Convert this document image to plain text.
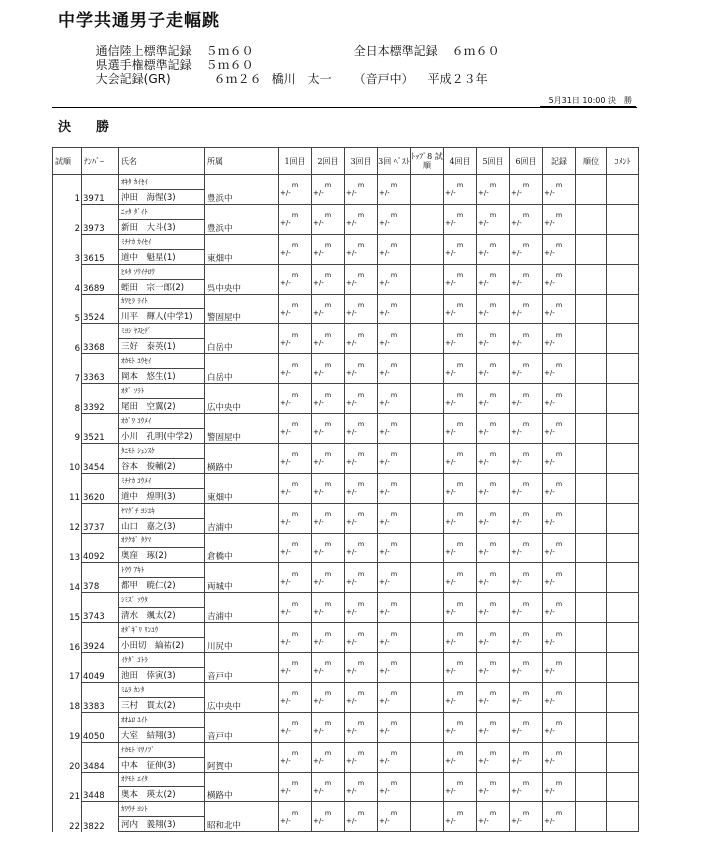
中学共通男子走幅跳

通信陸上標準記録 ５ｍ６０	全日本標準記録 ６ｍ６０

県選手権標準記録 ５ｍ６０

大会記録(GR)	６ｍ２６ 橋川　太一 （音戸中） 平成２３年

5月31日 10:00 決　勝
決　勝
試順	ﾅﾝﾊﾞｰ	氏名	所属	1回目	2回目	3回目	3回 ﾍﾞｽﾄ	ﾄｯﾌﾟ8 試順	4回目	5回目	6回目	記録	順位	ｺﾒﾝﾄ
1	3971	ｵｷﾀ ｶｲｾｲ	豊浜中	m	m	m	m		m	m	m	m		
		沖田　海惺(3)		+/-	+/-	+/-	+/-		+/-	+/-	+/-	+/-		
2	3973	ﾆｯﾀ ﾀﾞｲﾄ	豊浜中	m	m	m	m		m	m	m	m		
		新田　大斗(3)		+/-	+/-	+/-	+/-		+/-	+/-	+/-	+/-		
3	3615	ﾐﾁﾅｶ ｶｲｾｲ	東畑中	m	m	m	m		m	m	m	m		
		道中　魁星(1)		+/-	+/-	+/-	+/-		+/-	+/-	+/-	+/-		
4	3689	ﾋﾙﾀ ｿｳｲﾁﾛｳ	呉中央中	m	m	m	m		m	m	m	m		
		蛭田　宗一郎(2)		+/-	+/-	+/-	+/-		+/-	+/-	+/-	+/-		
5	3524	ｶﾜﾋﾗ ﾗｲﾄ	警固屋中	m	m	m	m		m	m	m	m		
		川平　輝人(中学1)		+/-	+/-	+/-	+/-		+/-	+/-	+/-	+/-		
6	3368	ﾐﾖｼ ﾔｽﾋﾃﾞ	白岳中	m	m	m	m		m	m	m	m		
		三好　泰英(1)		+/-	+/-	+/-	+/-		+/-	+/-	+/-	+/-		
7	3363	ｵｶﾓﾄ ﾕｳｾｲ	白岳中	m	m	m	m		m	m	m	m		
		岡本　悠生(1)		+/-	+/-	+/-	+/-		+/-	+/-	+/-	+/-		
8	3392	ｵﾀﾞ ｿﾗﾄ	広中央中	m	m	m	m		m	m	m	m		
		尾田　空翼(2)		+/-	+/-	+/-	+/-		+/-	+/-	+/-	+/-		
9	3521	ｵｶﾞﾜ ｺｳﾒｲ	警固屋中	m	m	m	m		m	m	m	m		
		小川　孔明(中学2)		+/-	+/-	+/-	+/-		+/-	+/-	+/-	+/-		
10	3454	ﾀﾆﾓﾄ ｼｭﾝｽｹ	横路中	m	m	m	m		m	m	m	m		
		谷本　俊輔(2)		+/-	+/-	+/-	+/-		+/-	+/-	+/-	+/-		
11	3620	ﾐﾁﾅｶ ｺｳﾒｲ	東畑中	m	m	m	m		m	m	m	m		
		道中　煌明(3)		+/-	+/-	+/-	+/-		+/-	+/-	+/-	+/-		
12	3737	ﾔﾏｸﾞﾁ ﾖｼﾕｷ	吉浦中	m	m	m	m		m	m	m	m		
		山口　嘉之(3)		+/-	+/-	+/-	+/-		+/-	+/-	+/-	+/-		
13	4092	ｵｸｸﾎﾞ ﾀｸﾏ	倉橋中	m	m	m	m		m	m	m	m		
		奥窪　琢(2)		+/-	+/-	+/-	+/-		+/-	+/-	+/-	+/-		
14	378	ﾄｳｳ ｱｷﾄ	両城中	m	m	m	m		m	m	m	m		
		都甲　暁仁(2)		+/-	+/-	+/-	+/-		+/-	+/-	+/-	+/-		
15	3743	ｼﾐｽﾞ ｿｳﾀ	吉浦中	m	m	m	m		m	m	m	m		
		清水　颯太(2)		+/-	+/-	+/-	+/-		+/-	+/-	+/-	+/-		
16	3924	ｵﾀﾞｷﾞﾘ ﾘﾝﾕｳ	川尻中	m	m	m	m		m	m	m	m		
		小田切　綸祐(2)		+/-	+/-	+/-	+/-		+/-	+/-	+/-	+/-		
17	4049	ｲｹﾀﾞ ｺﾄﾗ	音戸中	m	m	m	m		m	m	m	m		
		池田　倖寅(3)		+/-	+/-	+/-	+/-		+/-	+/-	+/-	+/-		
18	3383	ﾐﾑﾗ ｶﾝﾀ	広中央中	m	m	m	m		m	m	m	m		
		三村　貫太(2)		+/-	+/-	+/-	+/-		+/-	+/-	+/-	+/-		
19	4050	ｵｵﾑﾛ ﾕｲﾄ	音戸中	m	m	m	m		m	m	m	m		
		大室　結翔(3)		+/-	+/-	+/-	+/-		+/-	+/-	+/-	+/-		
20	3484	ﾅｶﾓﾄ ﾏｻﾉﾌﾞ	阿賀中	m	m	m	m		m	m	m	m		
		中本　征伸(3)		+/-	+/-	+/-	+/-		+/-	+/-	+/-	+/-		
21	3448	ｵｸﾓﾄ ｴｲﾀ	横路中	m	m	m	m		m	m	m	m		
		奥本　瑛太(2)		+/-	+/-	+/-	+/-		+/-	+/-	+/-	+/-		
22	3822	ｶﾜｳﾁ ﾖｼﾄ	昭和北中	m	m	m	m		m	m	m	m		
		河内　義翔(3)		+/-	+/-	+/-	+/-		+/-	+/-	+/-	+/-		
